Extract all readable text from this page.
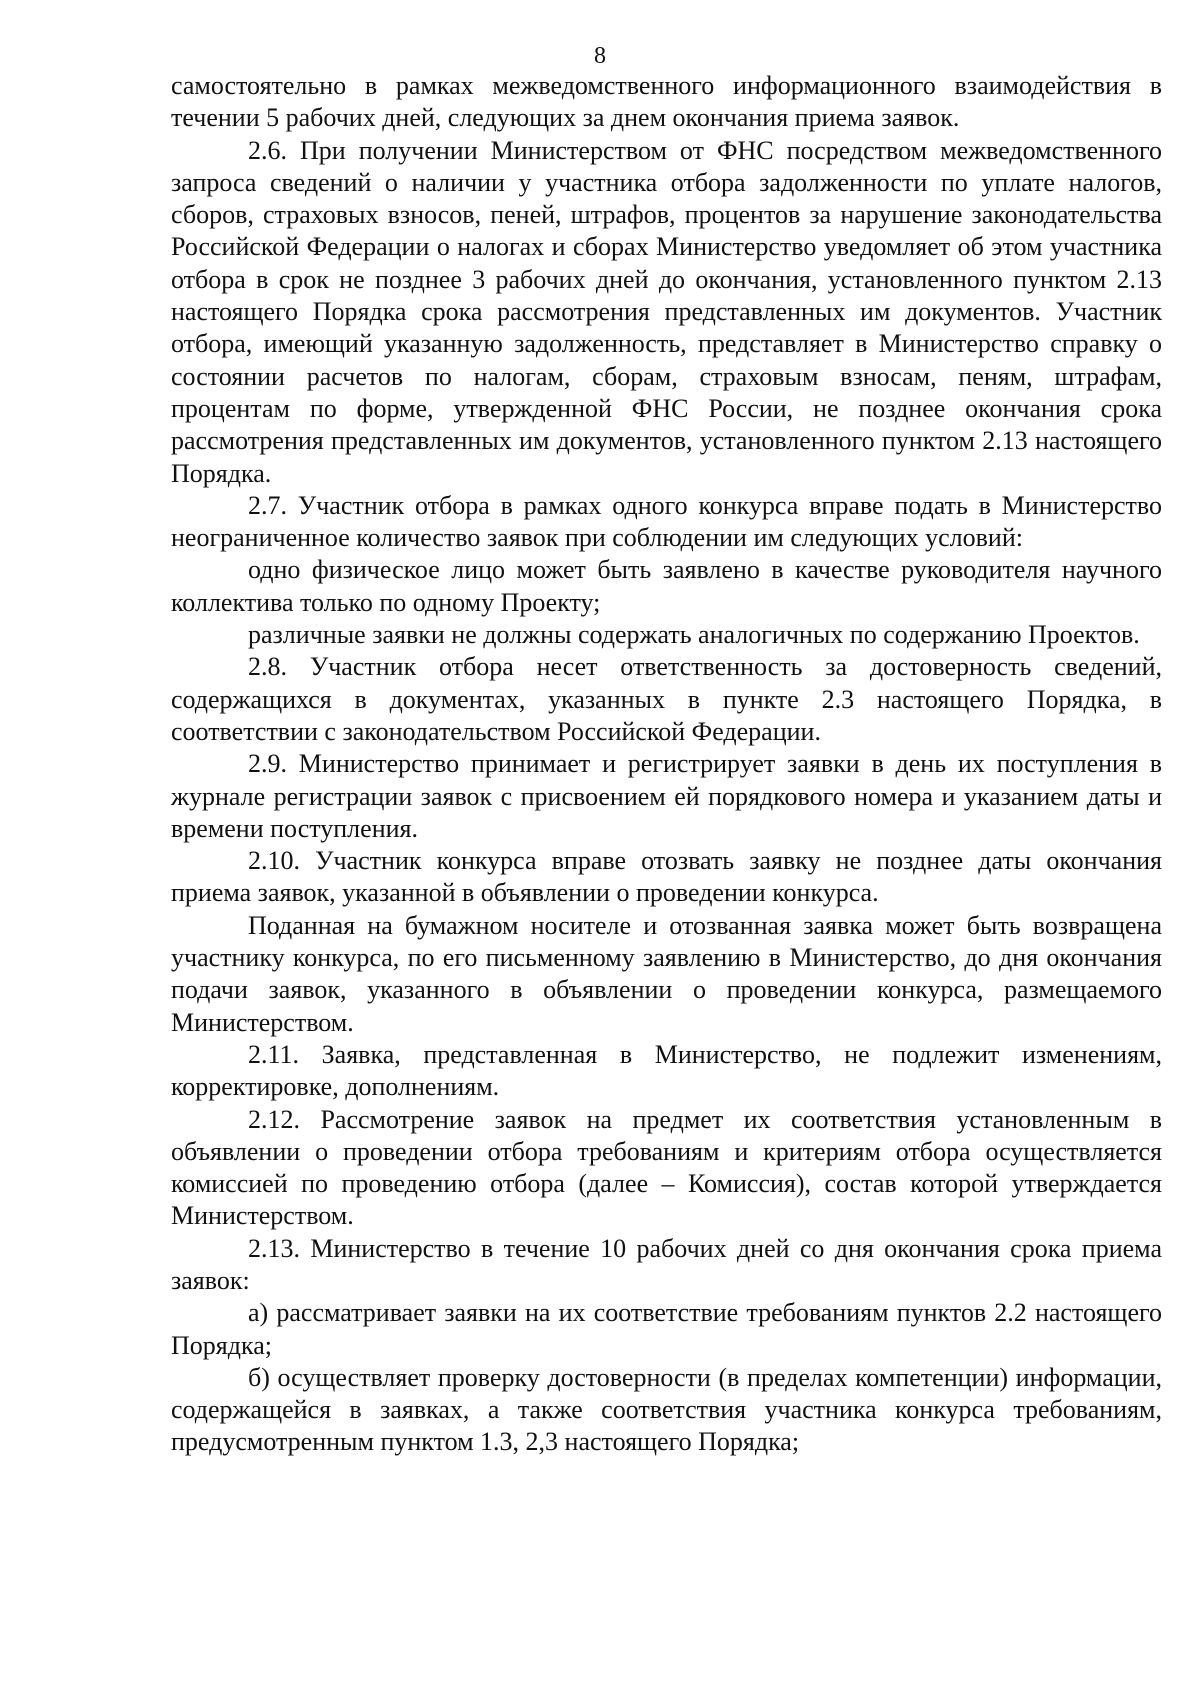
8

самостоятельно в рамках межведомственного информационного взаимодействия в течении 5 рабочих дней, следующих за днем окончания приема заявок.

2.6. При получении Министерством от ФНС посредством межведомственного запроса сведений о наличии у участника отбора задолженности по уплате налогов, сборов, страховых взносов, пеней, штрафов, процентов за нарушение законодательства Российской Федерации о налогах и сборах Министерство уведомляет об этом участника отбора в срок не позднее 3 рабочих дней до окончания, установленного пунктом 2.13 настоящего Порядка срока рассмотрения представленных им документов. Участник отбора, имеющий указанную задолженность, представляет в Министерство справку о состоянии расчетов по налогам, сборам, страховым взносам, пеням, штрафам, процентам по форме, утвержденной ФНС России, не позднее окончания срока рассмотрения представленных им документов, установленного пунктом 2.13 настоящего Порядка.

2.7. Участник отбора в рамках одного конкурса вправе подать в Министерство неограниченное количество заявок при соблюдении им следующих условий:

одно физическое лицо может быть заявлено в качестве руководителя научного коллектива только по одному Проекту;

различные заявки не должны содержать аналогичных по содержанию Проектов.

2.8. Участник отбора несет ответственность за достоверность сведений, содержащихся в документах, указанных в пункте 2.3 настоящего Порядка, в соответствии с законодательством Российской Федерации.

2.9. Министерство принимает и регистрирует заявки в день их поступления в журнале регистрации заявок с присвоением ей порядкового номера и указанием даты и времени поступления.

2.10. Участник конкурса вправе отозвать заявку не позднее даты окончания приема заявок, указанной в объявлении о проведении конкурса.

Поданная на бумажном носителе и отозванная заявка может быть возвращена участнику конкурса, по его письменному заявлению в Министерство, до дня окончания подачи заявок, указанного в объявлении о проведении конкурса, размещаемого Министерством.

2.11. Заявка, представленная в Министерство, не подлежит изменениям, корректировке, дополнениям.

2.12. Рассмотрение заявок на предмет их соответствия установленным в объявлении о проведении отбора требованиям и критериям отбора осуществляется комиссией по проведению отбора (далее – Комиссия), состав которой утверждается Министерством.

2.13. Министерство в течение 10 рабочих дней со дня окончания срока приема заявок:

а) рассматривает заявки на их соответствие требованиям пунктов 2.2 настоящего Порядка;

б) осуществляет проверку достоверности (в пределах компетенции) информации, содержащейся в заявках, а также соответствия участника конкурса требованиям, предусмотренным пунктом 1.3, 2,3 настоящего Порядка;
